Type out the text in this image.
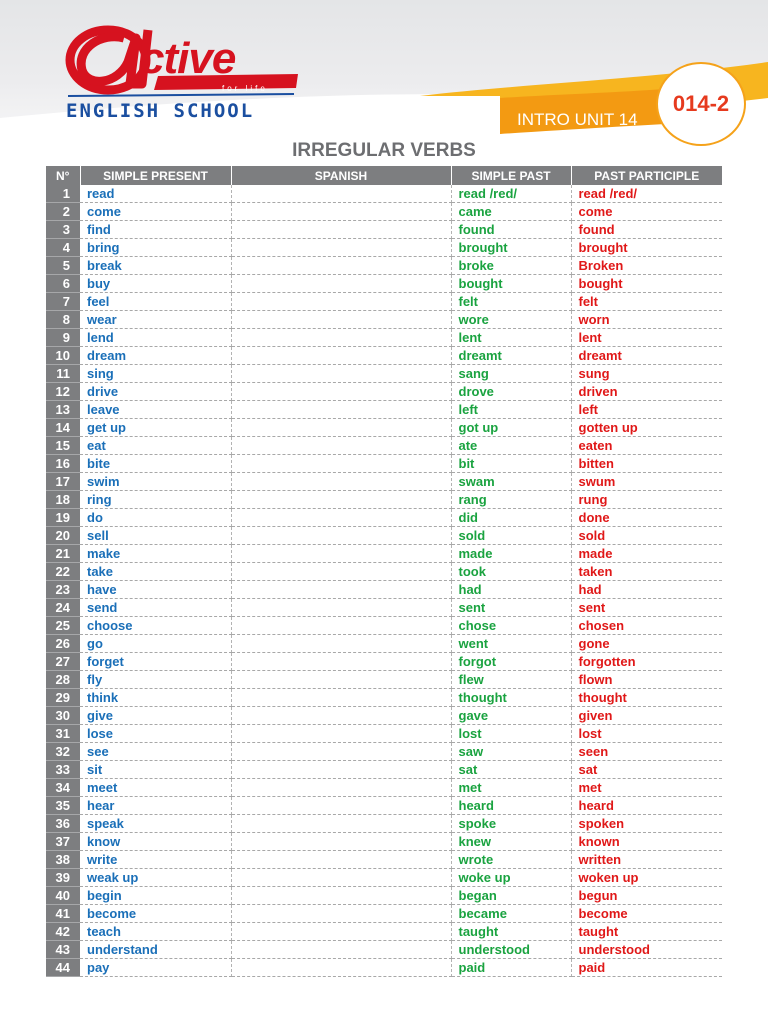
ctive
for life
ENGLISH SCHOOL	INTRO UNIT 14
014-2
IRREGULAR VERBS
N°	SIMPLE PRESENT	SPANISH	SIMPLE PAST	PAST PARTICIPLE
1	read		read /red/	read /red/
2	come		came	come
3	find		found	found
4	bring		brought	brought
5	break		broke	Broken
6	buy		bought	bought
7	feel		felt	felt
8	wear		wore	worn
9	lend		lent	lent
10	dream		dreamt	dreamt
11	sing		sang	sung
12	drive		drove	driven
13	leave		left	left
14	get up		got up	gotten up
15	eat		ate	eaten
16	bite		bit	bitten
17	swim		swam	swum
18	ring		rang	rung
19	do		did	done
20	sell		sold	sold
21	make		made	made
22	take		took	taken
23	have		had	had
24	send		sent	sent
25	choose		chose	chosen
26	go		went	gone
27	forget		forgot	forgotten
28	fly		flew	flown
29	think		thought	thought
30	give		gave	given
31	lose		lost	lost
32	see		saw	seen
33	sit		sat	sat
34	meet		met	met
35	hear		heard	heard
36	speak		spoke	spoken
37	know		knew	known
38	write		wrote	written
39	weak up		woke up	woken up
40	begin		began	begun
41	become		became	become
42	teach		taught	taught
43	understand		understood	understood
44	pay		paid	paid
